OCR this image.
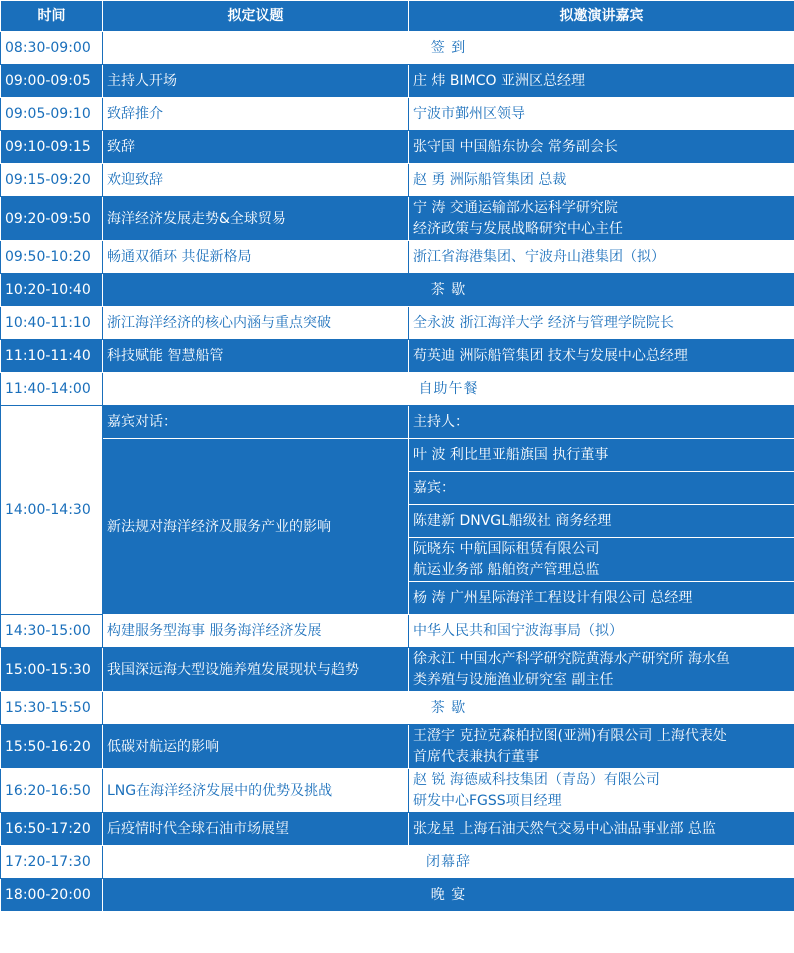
时间	拟定议题	拟邀演讲嘉宾
08:30-09:00	签 到	
09:00-09:05	主持人开场	庄 炜 BIMCO 亚洲区总经理
09:05-09:10	致辞推介	宁波市鄞州区领导
09:10-09:15	致辞	张守国 中国船东协会 常务副会长
09:15-09:20	欢迎致辞	赵 勇 洲际船管集团 总裁
09:20-09:50	海洋经济发展走势&全球贸易	宁 涛 交通运输部水运科学研究院
经济政策与发展战略研究中心主任
09:50-10:20	畅通双循环 共促新格局	浙江省海港集团、宁波舟山港集团（拟）
10:20-10:40	茶 歇	
10:40-11:10	浙江海洋经济的核心内涵与重点突破	全永波 浙江海洋大学 经济与管理学院院长
11:10-11:40	科技赋能 智慧船管	苟英迪 洲际船管集团 技术与发展中心总经理
11:40-14:00	自助午餐	
14:00-14:30	嘉宾对话：	主持人：
	新法规对海洋经济及服务产业的影响	叶 波 利比里亚船旗国 执行董事
		嘉宾：
		陈建新 DNVGL船级社 商务经理
		阮晓东 中航国际租赁有限公司
航运业务部 船舶资产管理总监
		杨 涛 广州星际海洋工程设计有限公司 总经理
14:30-15:00	构建服务型海事 服务海洋经济发展	中华人民共和国宁波海事局（拟）
15:00-15:30	我国深远海大型设施养殖发展现状与趋势	徐永江 中国水产科学研究院黄海水产研究所 海水鱼
类养殖与设施渔业研究室 副主任
15:30-15:50	茶 歇	
15:50-16:20	低碳对航运的影响	王澄宇 克拉克森柏拉图(亚洲)有限公司 上海代表处
首席代表兼执行董事
16:20-16:50	LNG在海洋经济发展中的优势及挑战	赵 锐 海德威科技集团（青岛）有限公司
研发中心FGSS项目经理
16:50-17:20	后疫情时代全球石油市场展望	张龙星 上海石油天然气交易中心油品事业部 总监
17:20-17:30	闭幕辞	
18:00-20:00	晚 宴	
